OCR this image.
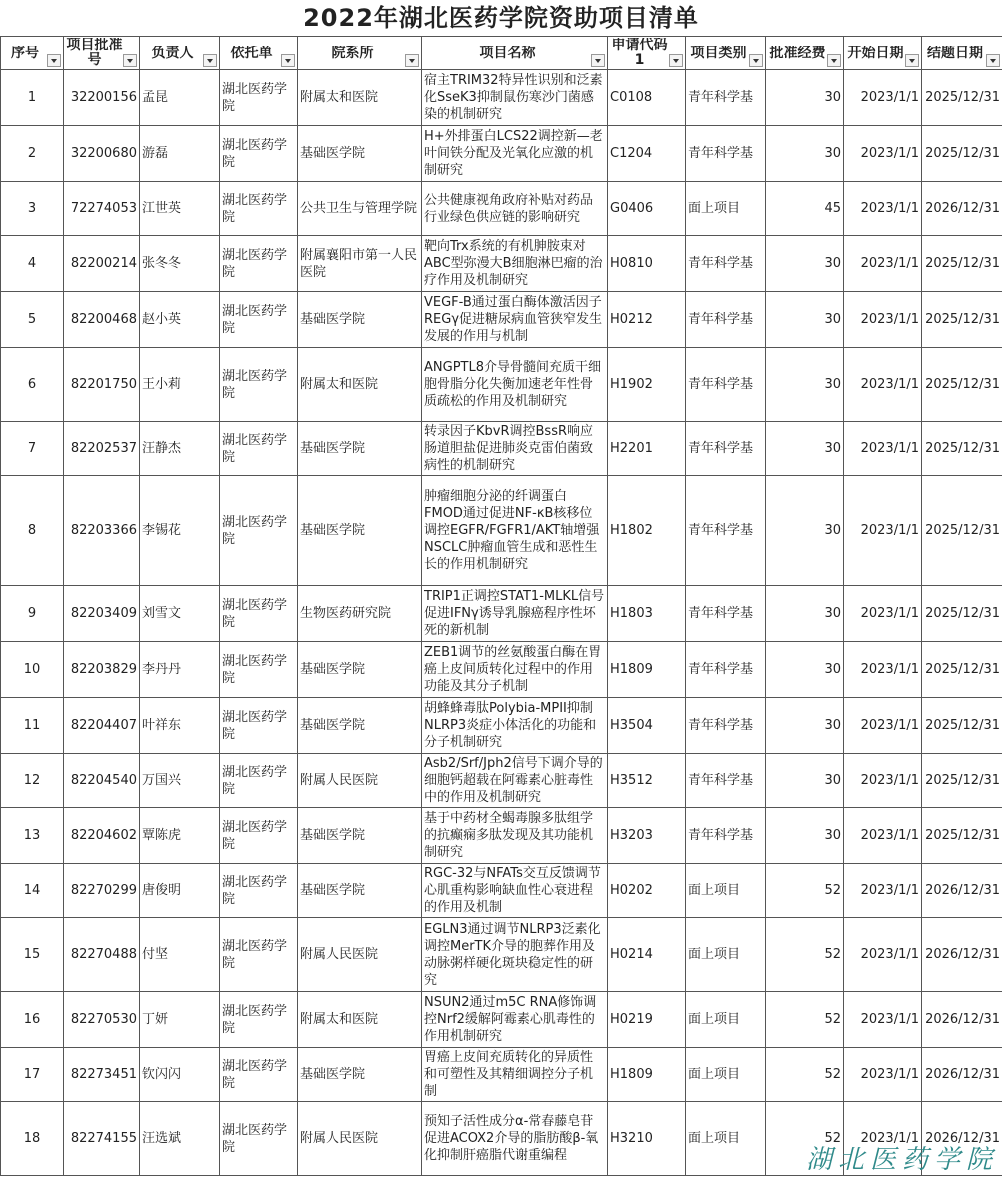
2022年湖北医药学院资助项目清单
序号	项目批准号	负责人	依托单	院系所	项目名称	申请代码1	项目类别	批准经费	开始日期	结题日期

1	32200156	孟昆	湖北医药学院	附属太和医院	宿主TRIM32特异性识别和泛素化SseK3抑制鼠伤寒沙门菌感染的机制研究	C0108	青年科学基	30	2023/1/1	2025/12/31
2	32200680	游磊	湖北医药学院	基础医学院	H+外排蛋白LCS22调控新—老叶间铁分配及光氧化应激的机制研究	C1204	青年科学基	30	2023/1/1	2025/12/31
3	72274053	江世英	湖北医药学院	公共卫生与管理学院	公共健康视角政府补贴对药品行业绿色供应链的影响研究	G0406	面上项目	45	2023/1/1	2026/12/31
4	82200214	张冬冬	湖北医药学院	附属襄阳市第一人民医院	靶向Trx系统的有机胂胺束对ABC型弥漫大B细胞淋巴瘤的治疗作用及机制研究	H0810	青年科学基	30	2023/1/1	2025/12/31
5	82200468	赵小英	湖北医药学院	基础医学院	VEGF-B通过蛋白酶体激活因子REGγ促进糖尿病血管狭窄发生发展的作用与机制	H0212	青年科学基	30	2023/1/1	2025/12/31
6	82201750	王小莉	湖北医药学院	附属太和医院	ANGPTL8介导骨髓间充质干细胞骨脂分化失衡加速老年性骨质疏松的作用及机制研究	H1902	青年科学基	30	2023/1/1	2025/12/31
7	82202537	汪静杰	湖北医药学院	基础医学院	转录因子KbvR调控BssR响应肠道胆盐促进肺炎克雷伯菌致病性的机制研究	H2201	青年科学基	30	2023/1/1	2025/12/31
8	82203366	李锡花	湖北医药学院	基础医学院	肿瘤细胞分泌的纤调蛋白FMOD通过促进NF-κB核移位调控EGFR/FGFR1/AKT轴增强NSCLC肿瘤血管生成和恶性生长的作用机制研究	H1802	青年科学基	30	2023/1/1	2025/12/31
9	82203409	刘雪文	湖北医药学院	生物医药研究院	TRIP1正调控STAT1-MLKL信号促进IFNγ诱导乳腺癌程序性坏死的新机制	H1803	青年科学基	30	2023/1/1	2025/12/31
10	82203829	李丹丹	湖北医药学院	基础医学院	ZEB1调节的丝氨酸蛋白酶在胃癌上皮间质转化过程中的作用功能及其分子机制	H1809	青年科学基	30	2023/1/1	2025/12/31
11	82204407	叶祥东	湖北医药学院	基础医学院	胡蜂蜂毒肽Polybia-MPII抑制NLRP3炎症小体活化的功能和分子机制研究	H3504	青年科学基	30	2023/1/1	2025/12/31
12	82204540	万国兴	湖北医药学院	附属人民医院	Asb2/Srf/Jph2信号下调介导的细胞钙超载在阿霉素心脏毒性中的作用及机制研究	H3512	青年科学基	30	2023/1/1	2025/12/31
13	82204602	覃陈虎	湖北医药学院	基础医学院	基于中药材全蝎毒腺多肽组学的抗癫痫多肽发现及其功能机制研究	H3203	青年科学基	30	2023/1/1	2025/12/31
14	82270299	唐俊明	湖北医药学院	基础医学院	RGC-32与NFATs交互反馈调节心肌重构影响缺血性心衰进程的作用及机制	H0202	面上项目	52	2023/1/1	2026/12/31
15	82270488	付坚	湖北医药学院	附属人民医院	EGLN3通过调节NLRP3泛素化调控MerTK介导的胞葬作用及动脉粥样硬化斑块稳定性的研究	H0214	面上项目	52	2023/1/1	2026/12/31
16	82270530	丁妍	湖北医药学院	附属太和医院	NSUN2通过m5C RNA修饰调控Nrf2缓解阿霉素心肌毒性的作用机制研究	H0219	面上项目	52	2023/1/1	2026/12/31
17	82273451	钦闪闪	湖北医药学院	基础医学院	胃癌上皮间充质转化的异质性和可塑性及其精细调控分子机制	H1809	面上项目	52	2023/1/1	2026/12/31
18	82274155	汪选斌	湖北医药学院	附属人民医院	预知子活性成分α-常春藤皂苷促进ACOX2介导的脂肪酸β-氧化抑制肝癌脂代谢重编程	H3210	面上项目	52	2023/1/1	2026/12/31
湖北医药学院
